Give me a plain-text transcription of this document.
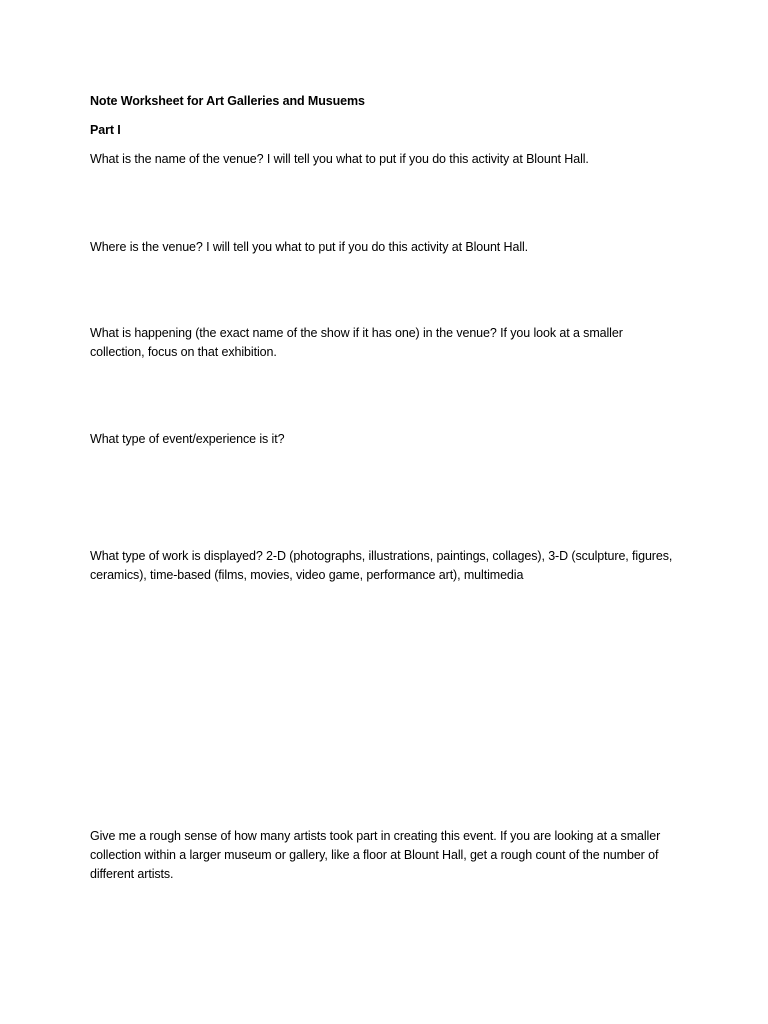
Note Worksheet for Art Galleries and Musuems
Part I
What is the name of the venue? I will tell you what to put if you do this activity at Blount Hall.
Where is the venue? I will tell you what to put if you do this activity at Blount Hall.
What is happening (the exact name of the show if it has one) in the venue? If you look at a smaller collection, focus on that exhibition.
What type of event/experience is it?
What type of work is displayed? 2-D (photographs, illustrations, paintings, collages), 3-D (sculpture, figures, ceramics), time-based (films, movies, video game, performance art), multimedia
Give me a rough sense of how many artists took part in creating this event. If you are looking at a smaller collection within a larger museum or gallery, like a floor at Blount Hall, get a rough count of the number of different artists.
